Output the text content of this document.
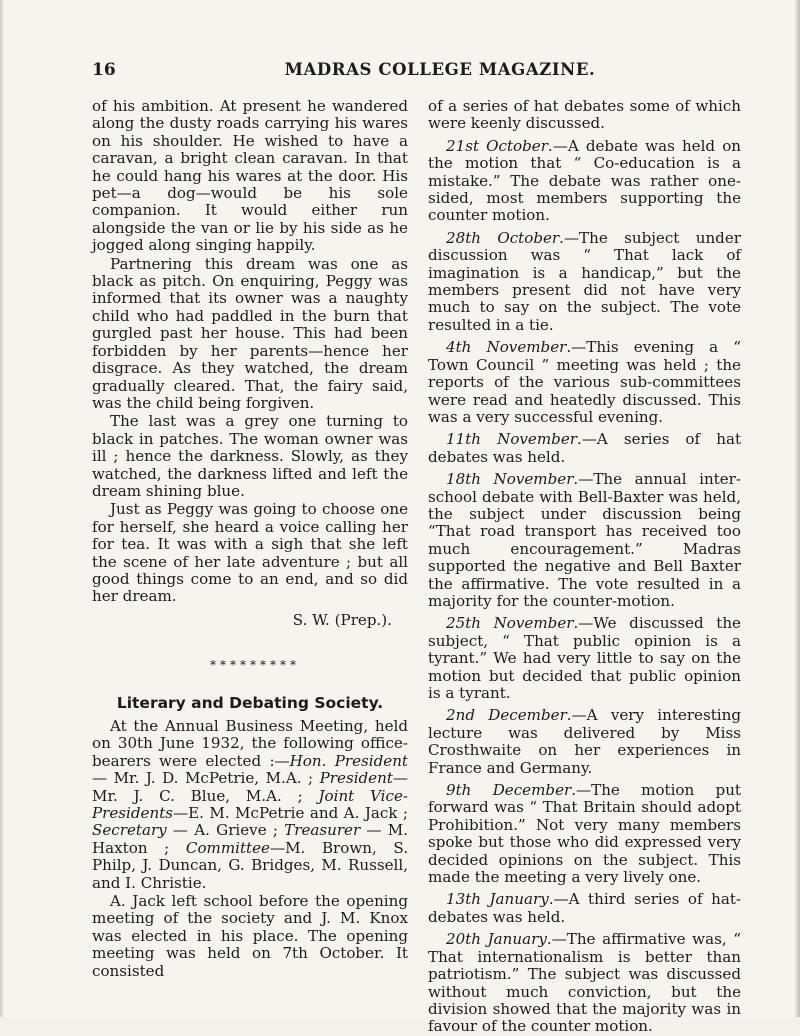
16	MADRAS COLLEGE MAGAZINE.

of his ambition. At present he wandered along the dusty roads carrying his wares on his shoulder. He wished to have a caravan, a bright clean caravan. In that he could hang his wares at the door. His pet—a dog—would be his sole companion. It would either run alongside the van or lie by his side as he jogged along singing happily.

Partnering this dream was one as black as pitch. On enquiring, Peggy was informed that its owner was a naughty child who had paddled in the burn that gurgled past her house. This had been forbidden by her parents—hence her disgrace. As they watched, the dream gradually cleared. That, the fairy said, was the child being forgiven.

The last was a grey one turning to black in patches. The woman owner was ill ; hence the darkness. Slowly, as they watched, the darkness lifted and left the dream shining blue.

Just as Peggy was going to choose one for herself, she heard a voice calling her for tea. It was with a sigh that she left the scene of her late adventure ; but all good things come to an end, and so did her dream.

S. W. (Prep.).

*********
Literary and Debating Society.

At the Annual Business Meeting, held on 30th June 1932, the following office-bearers were elected :—Hon. President— Mr. J. D. McPetrie, M.A. ; President— Mr. J. C. Blue, M.A. ; Joint Vice-Presidents—E. M. McPetrie and A. Jack ; Secretary — A. Grieve ; Treasurer — M. Haxton ; Committee—M. Brown, S. Philp, J. Duncan, G. Bridges, M. Russell, and I. Christie.

A. Jack left school before the opening meeting of the society and J. M. Knox was elected in his place. The opening meeting was held on 7th October. It consisted

of a series of hat debates some of which were keenly discussed.

21st October.—A debate was held on the motion that “ Co-education is a mistake.” The debate was rather one-sided, most members supporting the counter motion.

28th October.—The subject under discussion was “ That lack of imagination is a handicap,” but the members present did not have very much to say on the subject. The vote resulted in a tie.

4th November.—This evening a “ Town Council ” meeting was held ; the reports of the various sub-committees were read and heatedly discussed. This was a very successful evening.

11th November.—A series of hat debates was held.

18th November.—The annual inter-school debate with Bell-Baxter was held, the subject under discussion being “That road transport has received too much encouragement.” Madras supported the negative and Bell Baxter the affirmative. The vote resulted in a majority for the counter-motion.

25th November.—We discussed the subject, “ That public opinion is a tyrant.” We had very little to say on the motion but decided that public opinion is a tyrant.

2nd December.—A very interesting lecture was delivered by Miss Crosthwaite on her experiences in France and Germany.

9th December.—The motion put forward was “ That Britain should adopt Prohibition.” Not very many members spoke but those who did expressed very decided opinions on the subject. This made the meeting a very lively one.

13th January.—A third series of hat-debates was held.

20th January.—The affirmative was, “ That internationalism is better than patriotism.” The subject was discussed without much conviction, but the division showed that the majority was in favour of the counter motion.
